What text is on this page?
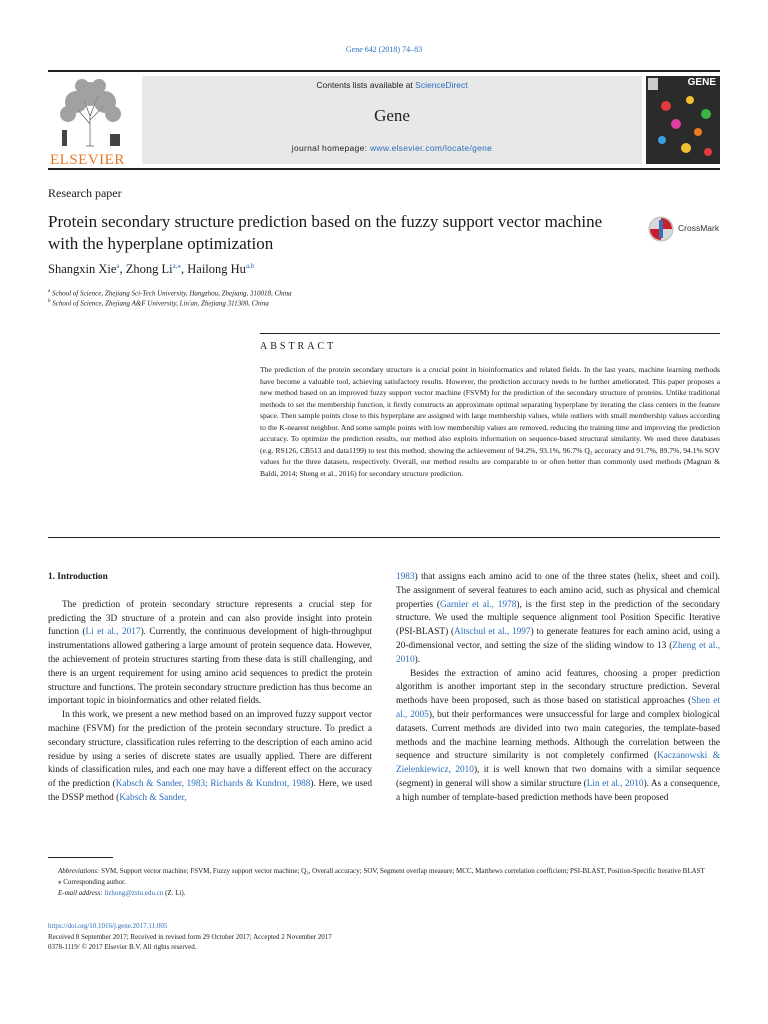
Gene 642 (2018) 74–83
ELSEVIER
Contents lists available at ScienceDirect
Gene
journal homepage: www.elsevier.com/locate/gene
GENE
Research paper
Protein secondary structure prediction based on the fuzzy support vector machine with the hyperplane optimization
CrossMark
Shangxin Xie$^a$, Zhong $Li^{a,⁎}$, Hailong Hu$^{a,b}$
$^a$ School of Science, Zhejiang Sci-Tech University, Hangzhou, Zhejiang, 310018, China
$^b$ School of Science, Zhejiang A&F University, Lin'an, Zhejiang 311300, China
ABSTRACT
The prediction of the protein secondary structure is a crucial point in bioinformatics and related fields. In the last years, machine learning methods have become a valuable tool, achieving satisfactory results. However, the prediction accuracy needs to be further ameliorated. This paper proposes a new method based on an improved fuzzy support vector machine (FSVM) for the prediction of the secondary structure of proteins. Unlike traditional methods to set the membership function, it firstly constructs an approximate optimal separating hyperplane by iterating the class centers in the feature space. Then sample points close to this hyperplane are assigned with large membership values, while outliers with small membership values according to the K-nearest neighbor. And some sample points with low membership values are removed, reducing the training time and improving the prediction accuracy. To optimize the prediction results, our method also exploits information on sequence-based structural similarity. We used three databases (e.g. RS126, CB513 and data1199) to test this method, showing the achievement of 94.2%, 93.1%, 96.7% Q₃ accuracy and 91.7%, 89.7%, 94.1% SOV values for the three datasets, respectively. Overall, our method results are comparable to or often better than commonly used methods (Magnan & Baldi, 2014; Sheng et al., 2016) for secondary structure prediction.
1. Introduction

The prediction of protein secondary structure represents a crucial step for predicting the 3D structure of a protein and can also provide insight into protein function (Li et al., 2017). Currently, the continuous development of high-throughput instrumentations allowed gathering a large amount of protein sequence data. However, the achievement of protein structures starting from these data is still challenging, and there is an urgent requirement for using amino acid sequences to predict the protein structure and functions. The protein secondary structure prediction has thus become an important topic in bioinformatics and other related fields.

In this work, we present a new method based on an improved fuzzy support vector machine (FSVM) for the prediction of the protein secondary structure. To predict a secondary structure, classification rules referring to the description of each amino acid residue by using a series of discrete states are usually applied. There are different kinds of classification rules, and each one may have a different effect on the accuracy of the prediction (Kabsch & Sander, 1983; Richards & Kundrot, 1988). Here, we used the DSSP method (Kabsch & Sander,

1983) that assigns each amino acid to one of the three states (helix, sheet and coil). The assignment of several features to each amino acid, such as physical and chemical properties (Garnier et al., 1978), is the first step in the prediction of the secondary structure. We used the multiple sequence alignment tool Position Specific Iterative (PSI-BLAST) (Altschul et al., 1997) to generate features for each amino acid, using a 20-dimensional vector, and setting the size of the sliding window to 13 (Zheng et al., 2010).

Besides the extraction of amino acid features, choosing a proper prediction algorithm is another important step in the secondary structure prediction. Several methods have been proposed, such as those based on statistical approaches (Shen et al., 2005), but their performances were unsuccessful for large and complex biological datasets. Current methods are divided into two main categories, the template-based methods and the machine learning methods. Although the correlation between the sequence and structure similarity is not completely confirmed (Kaczanowski & Zielenkiewicz, 2010), it is well known that two domains with a similar sequence (segment) in general will show a similar structure (Lin et al., 2010). As a consequence, a high number of template-based prediction methods have been proposed

Abbreviations: SVM, Support vector machine; FSVM, Fuzzy support vector machine; Q₃, Overall accuracy; SOV, Segment overlap measure; MCC, Matthews correlation coefficient; PSI-BLAST, Position-Specific Iterative BLAST
⁎ Corresponding author.
E-mail address: lizhong@zstu.edu.cn (Z. Li).
https://doi.org/10.1016/j.gene.2017.11.005
Received 8 September 2017; Received in revised form 29 October 2017; Accepted 2 November 2017
0378-1119/ © 2017 Elsevier B.V. All rights reserved.
